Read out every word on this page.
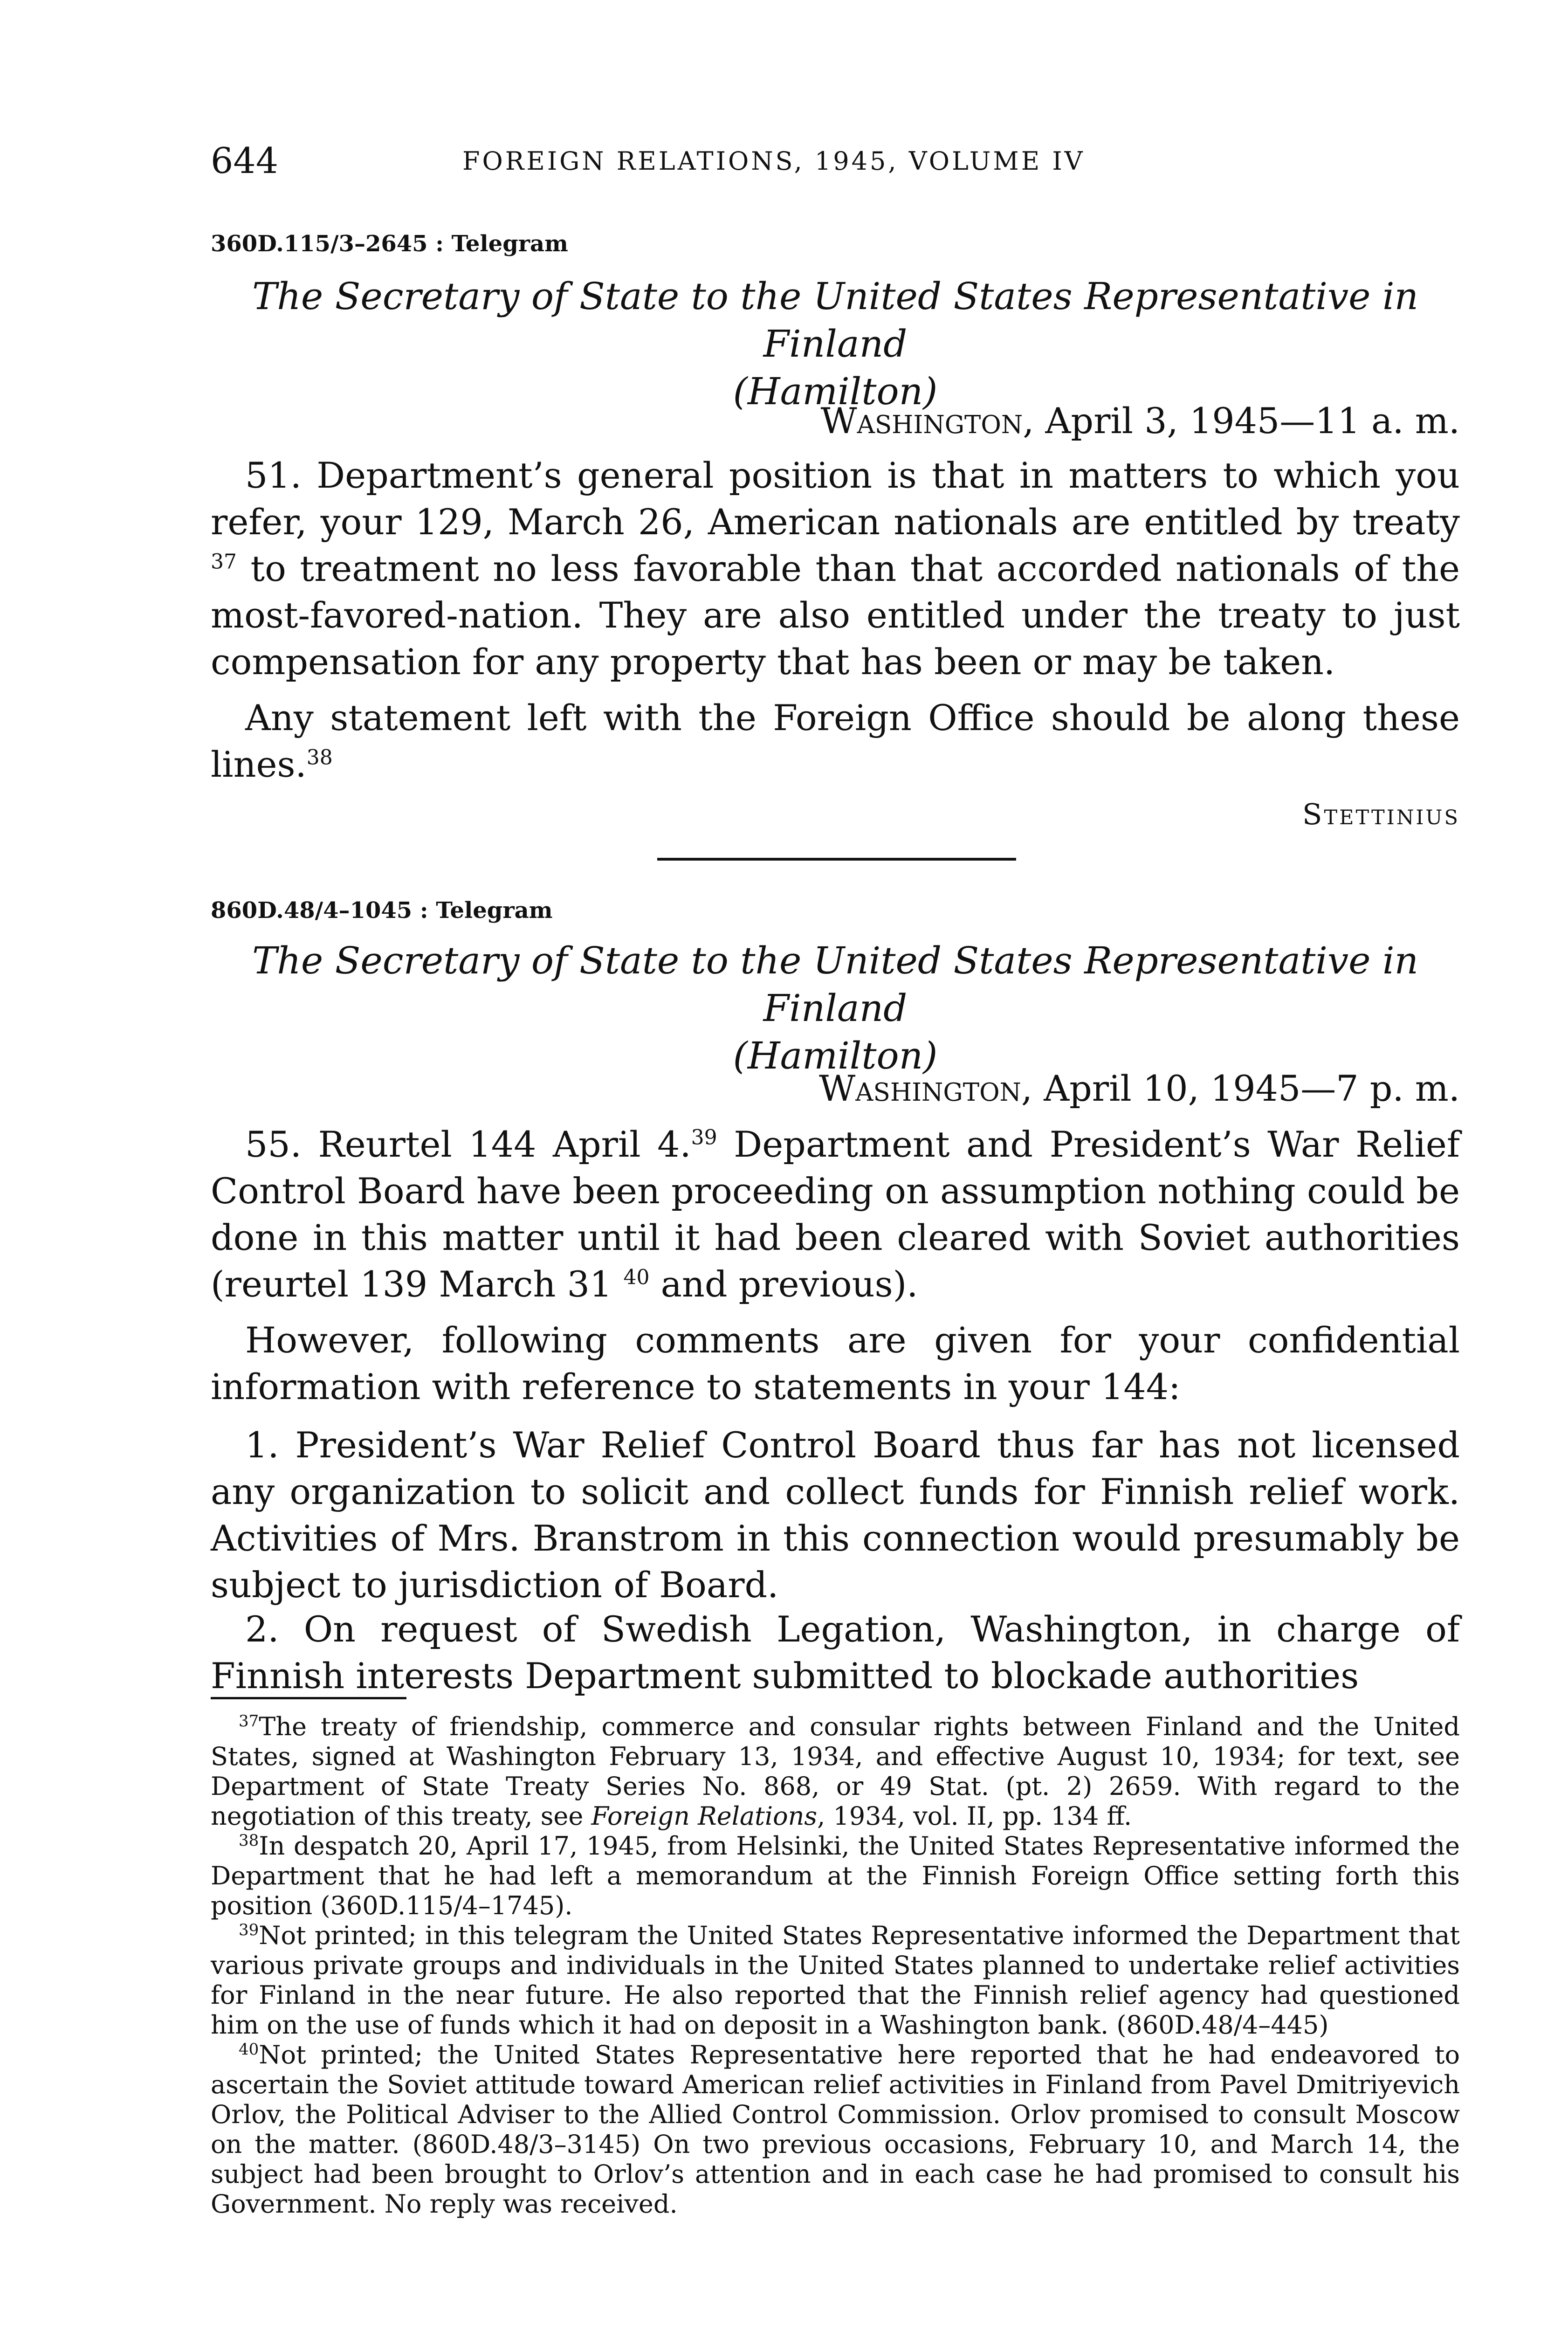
644	FOREIGN RELATIONS, 1945, VOLUME IV
360D.115/3–2645 : Telegram
The Secretary of State to the United States Representative in Finland
(Hamilton)
Washington, April 3, 1945—11 a. m.

51. Department’s general position is that in matters to which you refer, your 129, March 26, American nationals are entitled by treaty $^{37}$ to treatment no less favorable than that accorded nationals of the most-favored-nation. They are also entitled under the treaty to just compensation for any property that has been or may be taken.

Any statement left with the Foreign Office should be along these lines.$^{38}$

Stettinius
860D.48/4–1045 : Telegram
The Secretary of State to the United States Representative in Finland
(Hamilton)
Washington, April 10, 1945—7 p. m.

55. Reurtel 144 April 4.39 Department and President’s War Relief Control Board have been proceeding on assumption nothing could be done in this matter until it had been cleared with Soviet authorities (reurtel 139 March 31 $^{40}$ and previous).

However, following comments are given for your confidential information with reference to statements in your 144:

1. President’s War Relief Control Board thus far has not licensed any organization to solicit and collect funds for Finnish relief work. Activities of Mrs. Branstrom in this connection would presumably be subject to jurisdiction of Board.

2. On request of Swedish Legation, Washington, in charge of Finnish interests Department submitted to blockade authorities

$^{37}$The treaty of friendship, commerce and consular rights between Finland and the United States, signed at Washington February 13, 1934, and effective August 10, 1934; for text, see Department of State Treaty Series No. 868, or 49 Stat. (pt. 2) 2659. With regard to the negotiation of this treaty, see Foreign Relations, 1934, vol. II, pp. 134 ff.

$^{38}$In despatch 20, April 17, 1945, from Helsinki, the United States Representative informed the Department that he had left a memorandum at the Finnish Foreign Office setting forth this position (360D.115/4–1745).

$^{39}$Not printed; in this telegram the United States Representative informed the Department that various private groups and individuals in the United States planned to undertake relief activities for Finland in the near future. He also reported that the Finnish relief agency had questioned him on the use of funds which it had on deposit in a Washington bank. (860D.48/4–445)

$^{40}$Not printed; the United States Representative here reported that he had endeavored to ascertain the Soviet attitude toward American relief activities in Finland from Pavel Dmitriyevich Orlov, the Political Adviser to the Allied Control Commission. Orlov promised to consult Moscow on the matter. (860D.48/3–3145) On two previous occasions, February 10, and March 14, the subject had been brought to Orlov’s attention and in each case he had promised to consult his Government. No reply was received.
